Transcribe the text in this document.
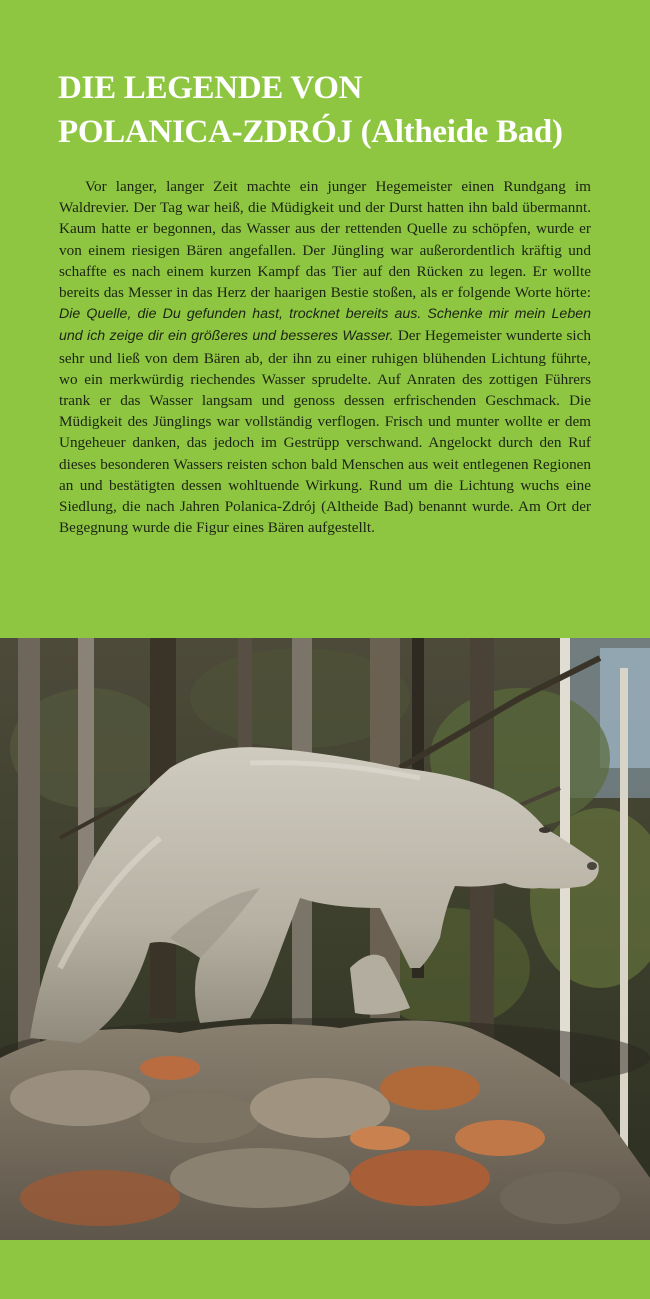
DIE LEGENDE VON
POLANICA-ZDRÓJ (Altheide Bad)

Vor langer, langer Zeit machte ein junger Hegemeister einen Rundgang im Waldrevier. Der Tag war heiß, die Müdigkeit und der Durst hatten ihn bald übermannt. Kaum hatte er begonnen, das Wasser aus der rettenden Quelle zu schöpfen, wurde er von einem riesigen Bären angefallen. Der Jüngling war außerordentlich kräftig und schaffte es nach einem kurzen Kampf das Tier auf den Rücken zu legen. Er wollte bereits das Messer in das Herz der haarigen Bestie stoßen, als er folgende Worte hörte: Die Quelle, die Du gefunden hast, trocknet bereits aus. Schenke mir mein Leben und ich zeige dir ein größeres und besseres Wasser. Der Hegemeister wunderte sich sehr und ließ von dem Bären ab, der ihn zu einer ruhigen blühenden Lichtung führte, wo ein merkwürdig riechendes Wasser sprudelte. Auf Anraten des zottigen Führers trank er das Wasser langsam und genoss dessen erfrischenden Geschmack. Die Müdigkeit des Jünglings war vollständig verflogen. Frisch und munter wollte er dem Ungeheuer danken, das jedoch im Gestrüpp verschwand. Angelockt durch den Ruf dieses besonderen Wassers reisten schon bald Menschen aus weit entlegenen Regionen an und bestätigten dessen wohltuende Wirkung. Rund um die Lichtung wuchs eine Siedlung, die nach Jahren Polanica-Zdrój (Altheide Bad) benannt wurde. Am Ort der Begegnung wurde die Figur eines Bären aufgestellt.
